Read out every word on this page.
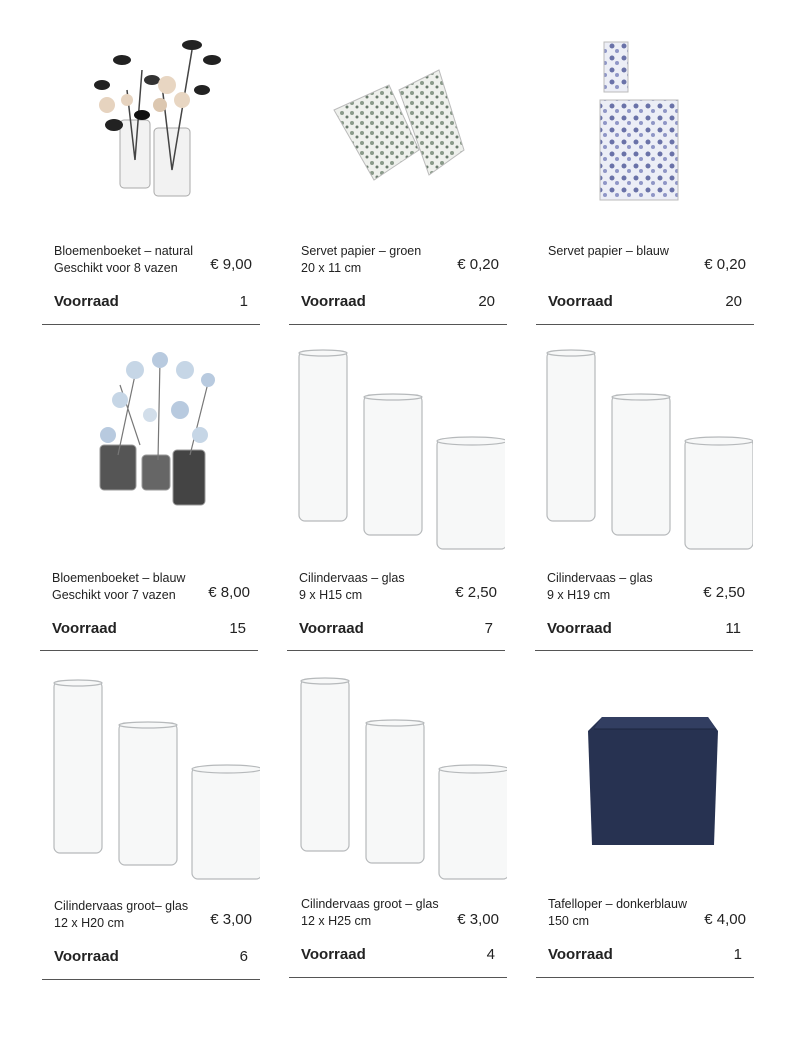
Bloemenboeket – natural
Geschikt voor 8 vazen € 9,00
Voorraad	1
Servet papier – groen
20 x 11 cm	€ 0,20
Voorraad	20
Servet papier – blauw
€ 0,20
Voorraad	20
Bloemenboeket – blauw
Geschikt voor 7 vazen € 8,00
Voorraad	15
Cilindervaas – glas
9 x H15 cm	€ 2,50
Voorraad	7
Cilindervaas – glas
9 x H19 cm	€ 2,50
Voorraad	11
Cilindervaas groot– glas
12 x H20 cm	€ 3,00
Voorraad	6
Cilindervaas groot – glas
12 x H25 cm	€ 3,00
Voorraad	4
Tafelloper – donkerblauw
150 cm	€ 4,00
Voorraad	1
